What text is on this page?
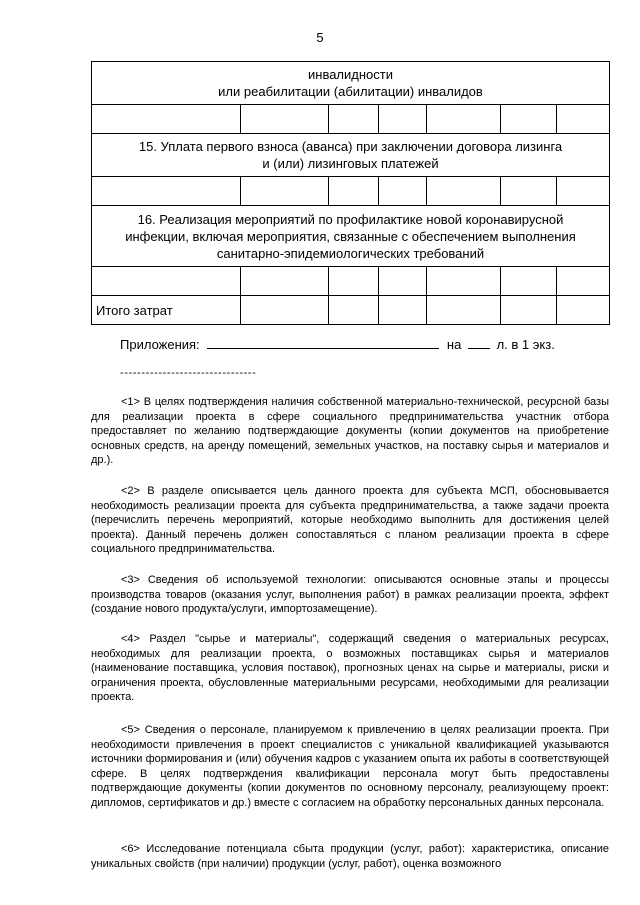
5
инвалидности
или реабилитации (абилитации) инвалидов						

15. Уплата первого взноса (аванса) при заключении договора лизинга
и (или) лизинговых платежей						

16. Реализация мероприятий по профилактике новой коронавирусной
инфекции, включая мероприятия, связанные с обеспечением выполнения
санитарно-эпидемиологических требований						

Итого затрат						
Приложения:	на	л. в 1 экз.
--------------------------------

<1> В целях подтверждения наличия собственной материально-технической, ресурсной базы для реализации проекта в сфере социального предпринимательства участник отбора предоставляет по желанию подтверждающие документы (копии документов на приобретение основных средств, на аренду помещений, земельных участков, на поставку сырья и материалов и др.).

<2> В разделе описывается цель данного проекта для субъекта МСП, обосновывается необходимость реализации проекта для субъекта предпринимательства, а также задачи проекта (перечислить перечень мероприятий, которые необходимо выполнить для достижения целей проекта). Данный перечень должен сопоставляться с планом реализации проекта в сфере социального предпринимательства.

<3> Сведения об используемой технологии: описываются основные этапы и процессы производства товаров (оказания услуг, выполнения работ) в рамках реализации проекта, эффект (создание нового продукта/услуги, импортозамещение).

<4> Раздел "сырье и материалы", содержащий сведения о материальных ресурсах, необходимых для реализации проекта, о возможных поставщиках сырья и материалов (наименование поставщика, условия поставок), прогнозных ценах на сырье и материалы, риски и ограничения проекта, обусловленные материальными ресурсами, необходимыми для реализации проекта.

<5> Сведения о персонале, планируемом к привлечению в целях реализации проекта. При необходимости привлечения в проект специалистов с уникальной квалификацией указываются источники формирования и (или) обучения кадров с указанием опыта их работы в соответствующей сфере. В целях подтверждения квалификации персонала могут быть предоставлены подтверждающие документы (копии документов по основному персоналу, реализующему проект: дипломов, сертификатов и др.) вместе с согласием на обработку персональных данных персонала.

<6> Исследование потенциала сбыта продукции (услуг, работ): характеристика, описание уникальных свойств (при наличии) продукции (услуг, работ), оценка возможного
